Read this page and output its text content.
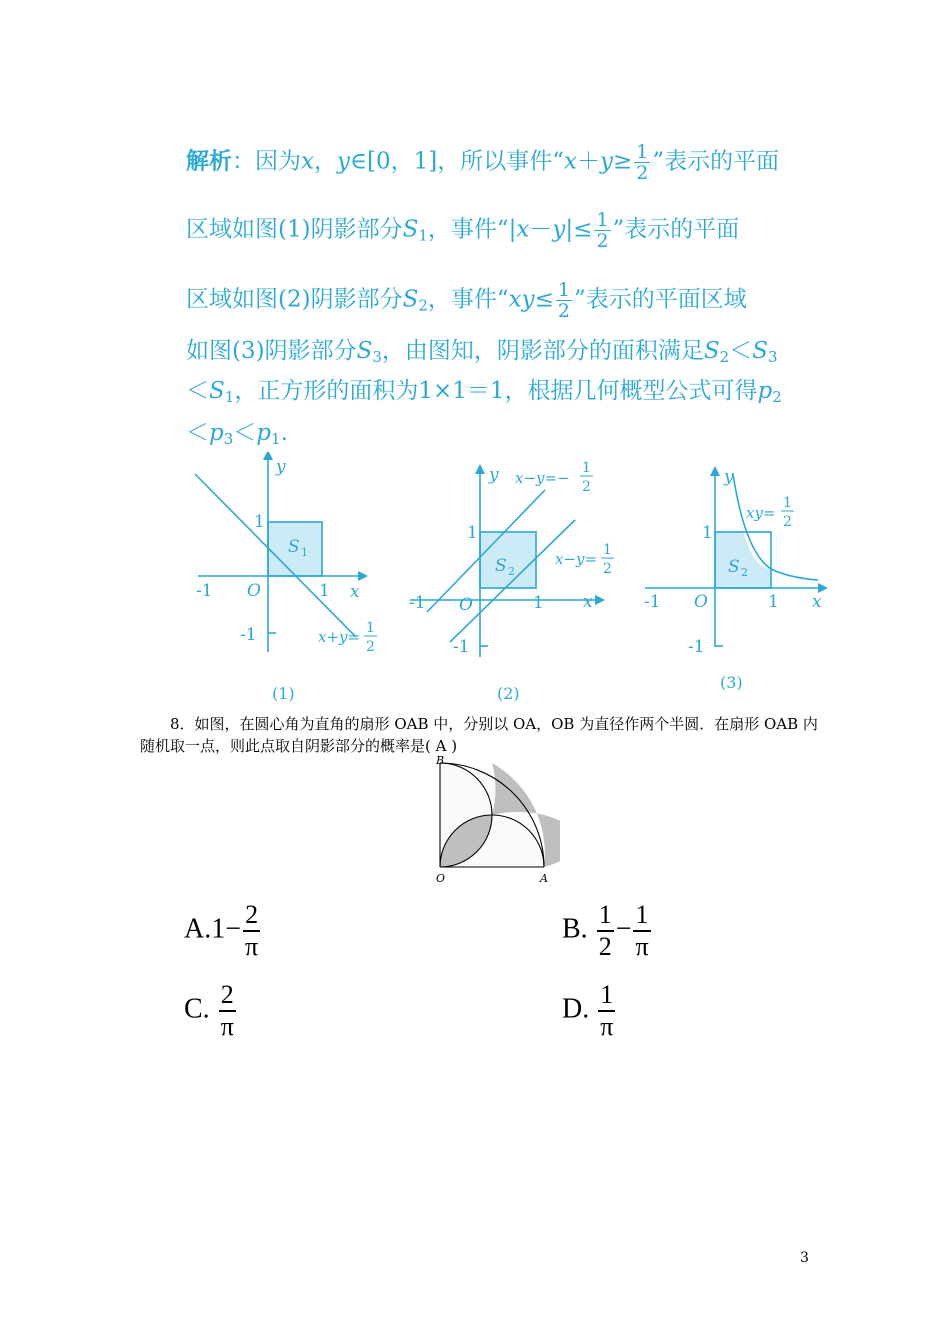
解析：因为x，y∈[0，1]，所以事件“$x+y\ge \frac{1}{2}$ ”表示的平面
区域如图(1)阴影部分$S_1$，事件“$|x-y|\le \frac{1}{2}$ ”表示的平面
区域如图(2)阴影部分$S_2$，事件“$xy\le \frac{1}{2}$ ”表示的平面区域
如图(3)阴影部分$S_3$，由图知，阴影部分的面积满足$S_2<S_3$
$<S_1$，正方形的面积为1×1＝1，根据几何概型公式可得$p_2$
$<p_3<p_1$.
y
x
O
S 1
x+y=
1
1
-1
-1	1
2
(1)
y
x
O
S 2
x−y=−
x−y=
1
1
-1
-1
1
2
1
2
(2)
y
x
O
S 2
xy=
1
1
-1
-1
1
2
(3)
8．如图，在圆心角为直角的扇形 OAB 中，分别以 OA，OB 为直径作两个半圆．在扇形 OAB 内
随机取一点，则此点取自阴影部分的概率是( A )
B
O	A
$A.1- \frac{2}{\pi}$	B. $\frac{1}{2} - \frac{1}{\pi}$
C. $\frac{2}{\pi}$	D. $\frac{1}{\pi}$
3
